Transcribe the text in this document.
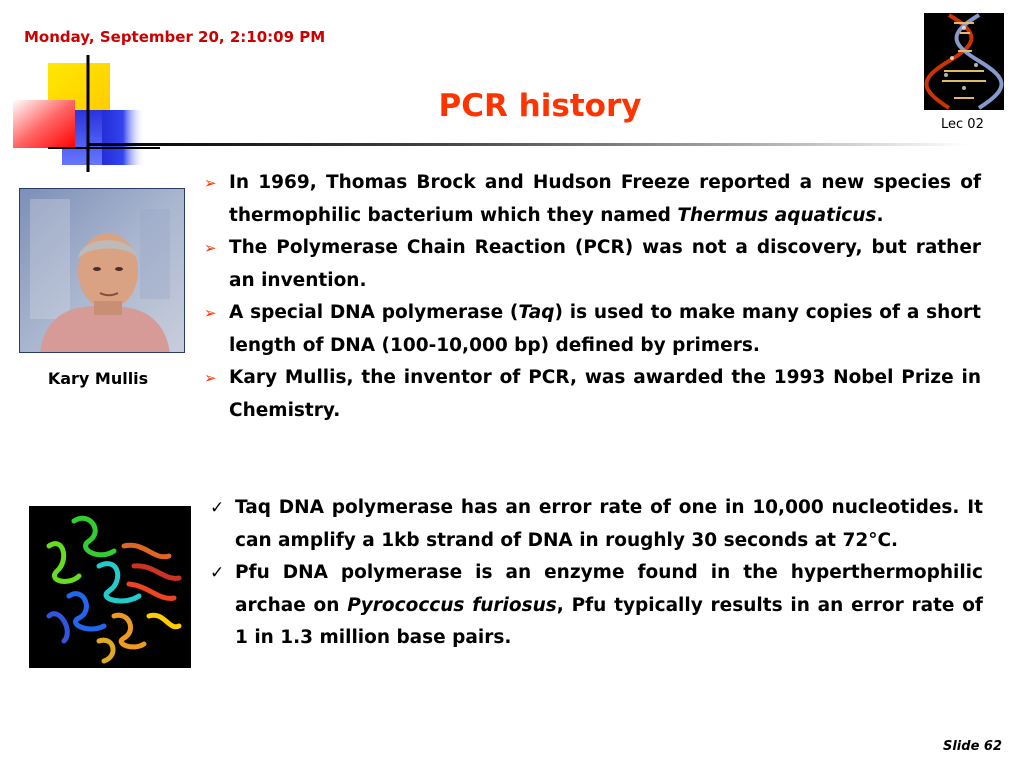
Monday, September 20, 2:10:09 PM
PCR history
Lec 02
Kary Mullis
➢ In 1969, Thomas Brock and Hudson Freeze reported a new species of thermophilic bacterium which they named Thermus aquaticus.
➢ The Polymerase Chain Reaction (PCR) was not a discovery, but rather an invention.
➢ A special DNA polymerase (Taq) is used to make many copies of a short length of DNA (100-10,000 bp) defined by primers.
➢ Kary Mullis, the inventor of PCR, was awarded the 1993 Nobel Prize in Chemistry.
✓ Taq DNA polymerase has an error rate of one in 10,000 nucleotides. It can amplify a 1kb strand of DNA in roughly 30 seconds at 72°C.
✓ Pfu DNA polymerase is an enzyme found in the hyperthermophilic archae on Pyrococcus furiosus, Pfu typically results in an error rate of 1 in 1.3 million base pairs.
Slide 62
